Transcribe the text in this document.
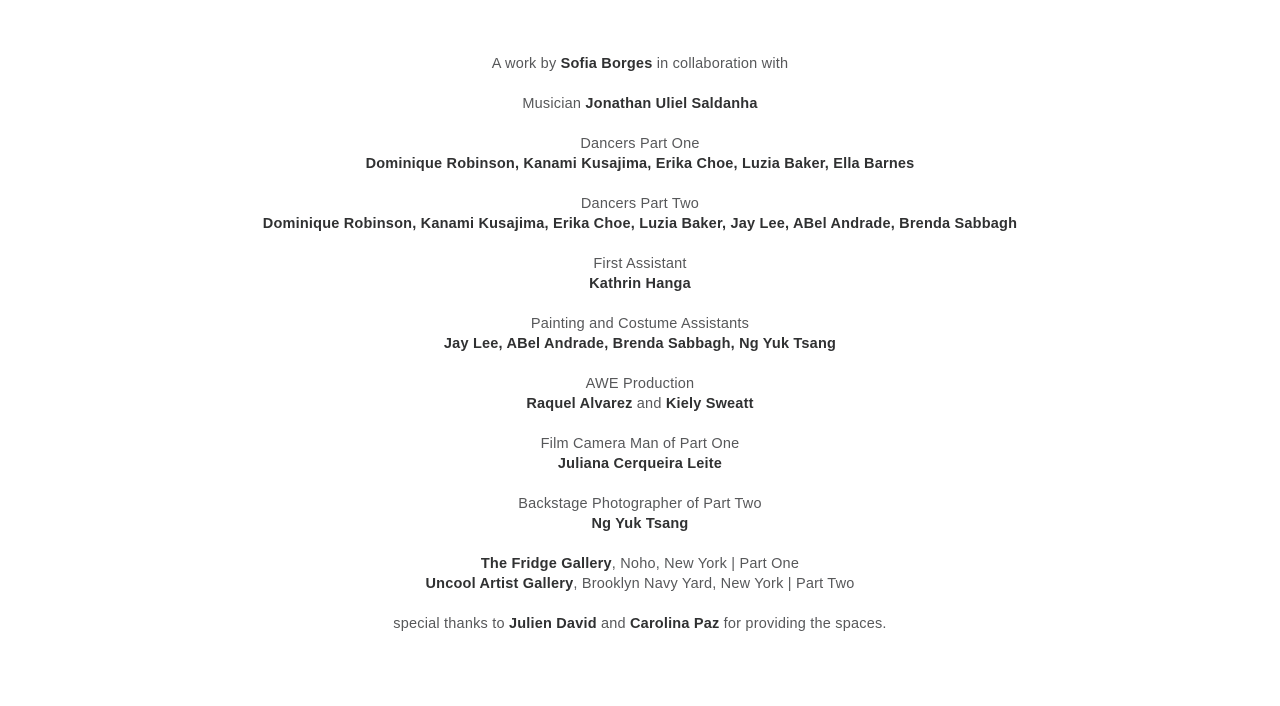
A work by Sofia Borges in collaboration with
Musician Jonathan Uliel Saldanha
Dancers Part One
Dominique Robinson, Kanami Kusajima, Erika Choe, Luzia Baker, Ella Barnes
Dancers Part Two
Dominique Robinson, Kanami Kusajima, Erika Choe, Luzia Baker, Jay Lee, ABel Andrade, Brenda Sabbagh
First Assistant
Kathrin Hanga
Painting and Costume Assistants
Jay Lee, ABel Andrade, Brenda Sabbagh, Ng Yuk Tsang
AWE Production
Raquel Alvarez and Kiely Sweatt
Film Camera Man of Part One
Juliana Cerqueira Leite
Backstage Photographer of Part Two
Ng Yuk Tsang
The Fridge Gallery, Noho, New York | Part One
Uncool Artist Gallery, Brooklyn Navy Yard, New York | Part Two
special thanks to Julien David and Carolina Paz for providing the spaces.
